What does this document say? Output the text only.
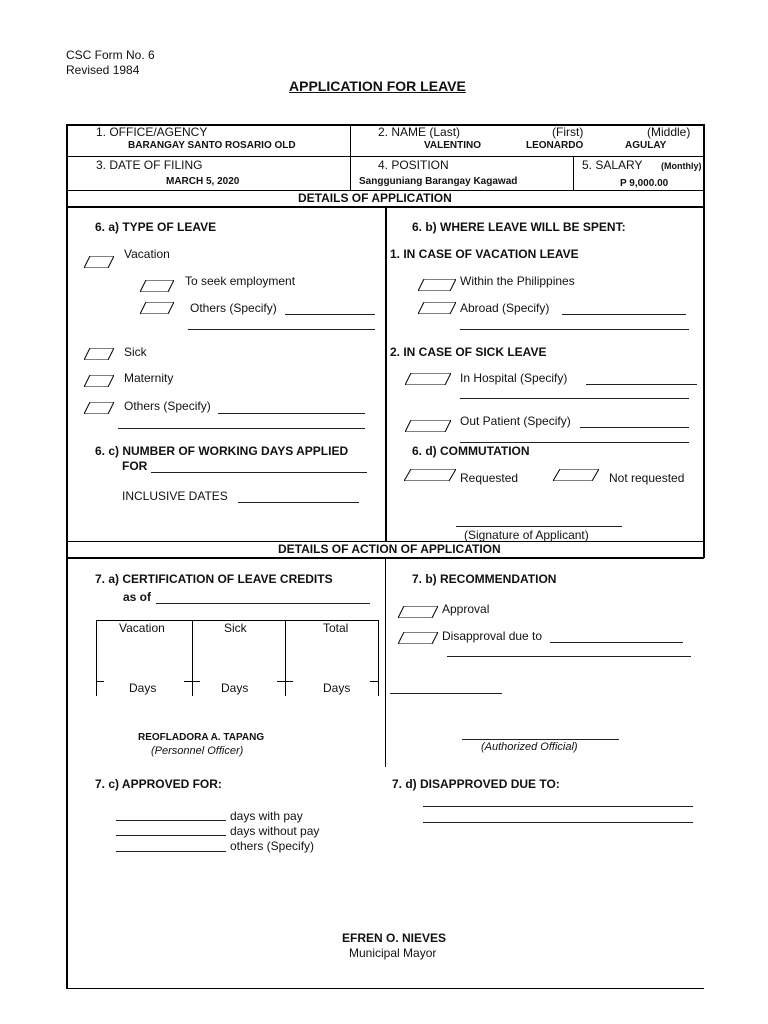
CSC Form No. 6
Revised 1984
APPLICATION FOR LEAVE
1. OFFICE/AGENCY
BARANGAY SANTO ROSARIO OLD
2. NAME (Last)	(First)	(Middle)
VALENTINO	LEONARDO	AGULAY
3. DATE OF FILING
MARCH 5, 2020
4. POSITION
Sangguniang Barangay Kagawad
5. SALARY (Monthly)
P 9,000.00
DETAILS OF APPLICATION
6. a) TYPE OF LEAVE
Vacation
To seek employment
Others (Specify)
Sick
Maternity
Others (Specify)
6. b) WHERE LEAVE WILL BE SPENT:
1. IN CASE OF VACATION LEAVE
Within the Philippines
Abroad (Specify)
2. IN CASE OF SICK LEAVE
In Hospital (Specify)
Out Patient (Specify)
6. c) NUMBER OF WORKING DAYS APPLIED
FOR
INCLUSIVE DATES
6. d) COMMUTATION
Requested	Not requested
(Signature of Applicant)
DETAILS OF ACTION OF APPLICATION
7. a) CERTIFICATION OF LEAVE CREDITS
as of
Vacation	Sick	Total
Days	Days	Days
REOFLADORA A. TAPANG
(Personnel Officer)
7. b) RECOMMENDATION
Approval
Disapproval due to
(Authorized Official)
7. c) APPROVED FOR:
days with pay
days without pay
others (Specify)
7. d) DISAPPROVED DUE TO:
EFREN O. NIEVES
Municipal Mayor
